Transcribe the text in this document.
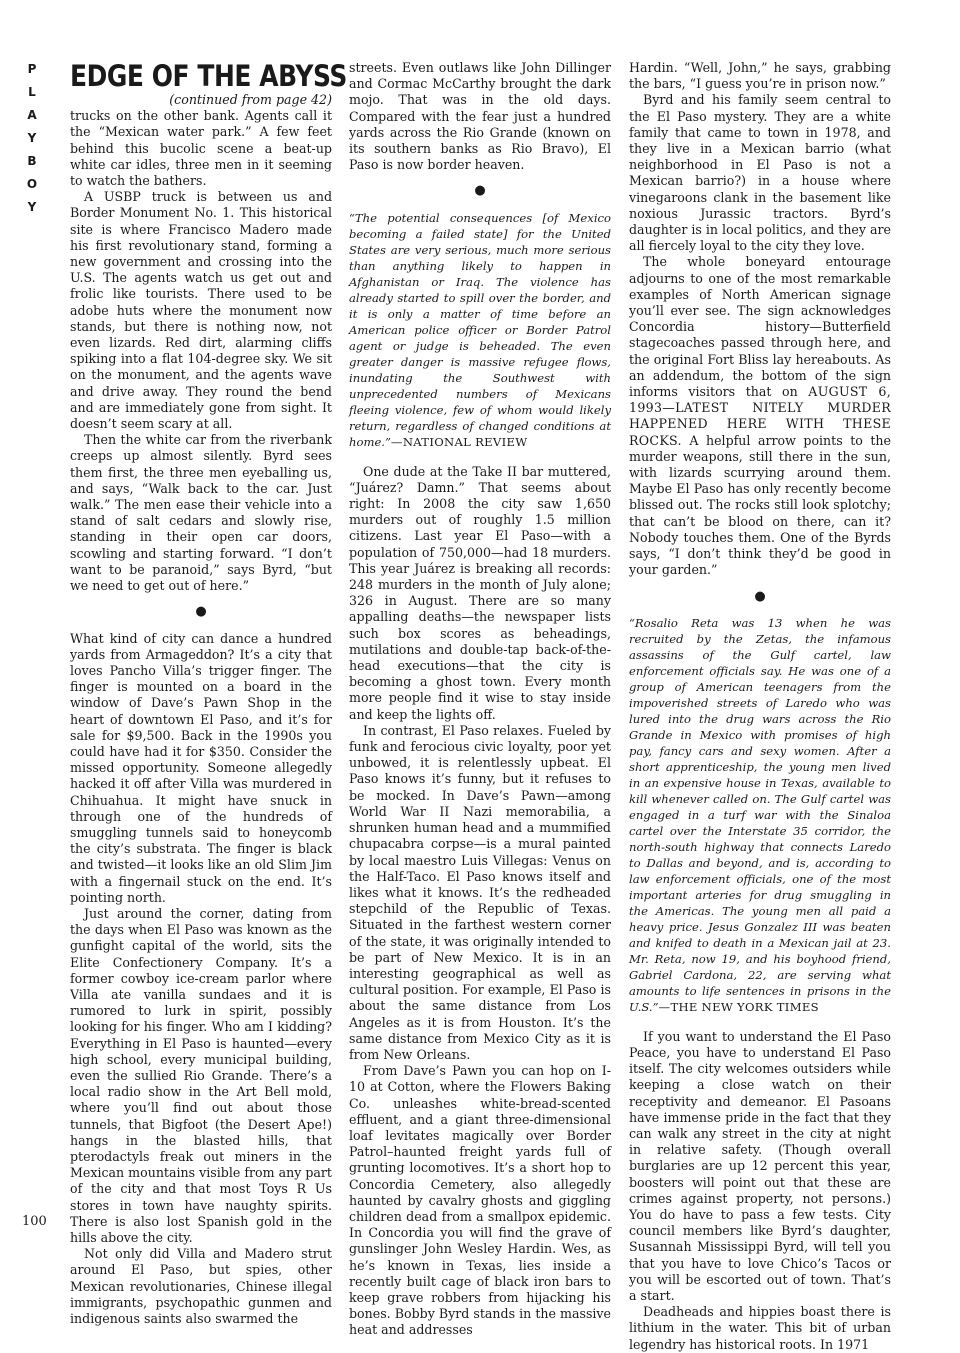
P
L
A
Y
B
O
Y
100
EDGE OF THE ABYSS

(continued from page 42)

trucks on the other bank. Agents call it the “Mexican water park.” A few feet behind this bucolic scene a beat-up white car idles, three men in it seeming to watch the bathers.

A USBP truck is between us and Border Monument No. 1. This historical site is where Francisco Madero made his first revolutionary stand, forming a new government and crossing into the U.S. The agents watch us get out and frolic like tourists. There used to be adobe huts where the monument now stands, but there is nothing now, not even lizards. Red dirt, alarming cliffs spiking into a flat 104-degree sky. We sit on the monument, and the agents wave and drive away. They round the bend and are immediately gone from sight. It doesn’t seem scary at all.

Then the white car from the riverbank creeps up almost silently. Byrd sees them first, the three men eyeballing us, and says, “Walk back to the car. Just walk.” The men ease their vehicle into a stand of salt cedars and slowly rise, standing in their open car doors, scowling and starting forward. “I don’t want to be paranoid,” says Byrd, “but we need to get out of here.”

●

What kind of city can dance a hundred yards from Armageddon? It’s a city that loves Pancho Villa’s trigger finger. The finger is mounted on a board in the window of Dave’s Pawn Shop in the heart of downtown El Paso, and it’s for sale for $9,500. Back in the 1990s you could have had it for $350. Consider the missed opportunity. Someone allegedly hacked it off after Villa was murdered in Chihuahua. It might have snuck in through one of the hundreds of smuggling tunnels said to honeycomb the city’s substrata. The finger is black and twisted—it looks like an old Slim Jim with a fingernail stuck on the end. It’s pointing north.

Just around the corner, dating from the days when El Paso was known as the gunfight capital of the world, sits the Elite Confectionery Company. It’s a former cowboy ice-cream parlor where Villa ate vanilla sundaes and it is rumored to lurk in spirit, possibly looking for his finger. Who am I kidding? Everything in El Paso is haunted—every high school, every municipal building, even the sullied Rio Grande. There’s a local radio show in the Art Bell mold, where you’ll find out about those tunnels, that Bigfoot (the Desert Ape!) hangs in the blasted hills, that pterodactyls freak out miners in the Mexican mountains visible from any part of the city and that most Toys R Us stores in town have naughty spirits. There is also lost Spanish gold in the hills above the city.

Not only did Villa and Madero strut around El Paso, but spies, other Mexican revolutionaries, Chinese illegal immigrants, psychopathic gunmen and indigenous saints also swarmed the

streets. Even outlaws like John Dillinger and Cormac McCarthy brought the dark mojo. That was in the old days. Compared with the fear just a hundred yards across the Rio Grande (known on its southern banks as Rio Bravo), El Paso is now border heaven.

●

“The potential consequences [of Mexico becoming a failed state] for the United States are very serious, much more serious than anything likely to happen in Afghanistan or Iraq. The violence has already started to spill over the border, and it is only a matter of time before an American police officer or Border Patrol agent or judge is beheaded. The even greater danger is massive refugee flows, inundating the Southwest with unprecedented numbers of Mexicans fleeing violence, few of whom would likely return, regardless of changed conditions at home.”—NATIONAL REVIEW

One dude at the Take II bar muttered, “Juárez? Damn.” That seems about right: In 2008 the city saw 1,650 murders out of roughly 1.5 million citizens. Last year El Paso—with a population of 750,000—had 18 murders. This year Juárez is breaking all records: 248 murders in the month of July alone; 326 in August. There are so many appalling deaths—the newspaper lists such box scores as beheadings, mutilations and double-tap back-of-the-head executions—that the city is becoming a ghost town. Every month more people find it wise to stay inside and keep the lights off.

In contrast, El Paso relaxes. Fueled by funk and ferocious civic loyalty, poor yet unbowed, it is relentlessly upbeat. El Paso knows it’s funny, but it refuses to be mocked. In Dave’s Pawn—among World War II Nazi memorabilia, a shrunken human head and a mummified chupacabra corpse—is a mural painted by local maestro Luis Villegas: Venus on the Half-Taco. El Paso knows itself and likes what it knows. It’s the redheaded stepchild of the Republic of Texas. Situated in the farthest western corner of the state, it was originally intended to be part of New Mexico. It is in an interesting geographical as well as cultural position. For example, El Paso is about the same distance from Los Angeles as it is from Houston. It’s the same distance from Mexico City as it is from New Orleans.

From Dave’s Pawn you can hop on I-10 at Cotton, where the Flowers Baking Co. unleashes white-bread-scented effluent, and a giant three-dimensional loaf levitates magically over Border Patrol–haunted freight yards full of grunting locomotives. It’s a short hop to Concordia Cemetery, also allegedly haunted by cavalry ghosts and giggling children dead from a smallpox epidemic. In Concordia you will find the grave of gunslinger John Wesley Hardin. Wes, as he’s known in Texas, lies inside a recently built cage of black iron bars to keep grave robbers from hijacking his bones. Bobby Byrd stands in the massive heat and addresses

Hardin. “Well, John,” he says, grabbing the bars, “I guess you’re in prison now.”

Byrd and his family seem central to the El Paso mystery. They are a white family that came to town in 1978, and they live in a Mexican barrio (what neighborhood in El Paso is not a Mexican barrio?) in a house where vinegaroons clank in the basement like noxious Jurassic tractors. Byrd’s daughter is in local politics, and they are all fiercely loyal to the city they love.

The whole boneyard entourage adjourns to one of the most remarkable examples of North American signage you’ll ever see. The sign acknowledges Concordia history—Butterfield stagecoaches passed through here, and the original Fort Bliss lay hereabouts. As an addendum, the bottom of the sign informs visitors that on AUGUST 6, 1993—LATEST NITELY MURDER HAPPENED HERE WITH THESE ROCKS. A helpful arrow points to the murder weapons, still there in the sun, with lizards scurrying around them. Maybe El Paso has only recently become blissed out. The rocks still look splotchy; that can’t be blood on there, can it? Nobody touches them. One of the Byrds says, “I don’t think they’d be good in your garden.”

●

“Rosalio Reta was 13 when he was recruited by the Zetas, the infamous assassins of the Gulf cartel, law enforcement officials say. He was one of a group of American teenagers from the impoverished streets of Laredo who was lured into the drug wars across the Rio Grande in Mexico with promises of high pay, fancy cars and sexy women. After a short apprenticeship, the young men lived in an expensive house in Texas, available to kill whenever called on. The Gulf cartel was engaged in a turf war with the Sinaloa cartel over the Interstate 35 corridor, the north-south highway that connects Laredo to Dallas and beyond, and is, according to law enforcement officials, one of the most important arteries for drug smuggling in the Americas. The young men all paid a heavy price. Jesus Gonzalez III was beaten and knifed to death in a Mexican jail at 23. Mr. Reta, now 19, and his boyhood friend, Gabriel Cardona, 22, are serving what amounts to life sentences in prisons in the U.S.”—THE NEW YORK TIMES

If you want to understand the El Paso Peace, you have to understand El Paso itself. The city welcomes outsiders while keeping a close watch on their receptivity and demeanor. El Pasoans have immense pride in the fact that they can walk any street in the city at night in relative safety. (Though overall burglaries are up 12 percent this year, boosters will point out that these are crimes against property, not persons.) You do have to pass a few tests. City council members like Byrd’s daughter, Susannah Mississippi Byrd, will tell you that you have to love Chico’s Tacos or you will be escorted out of town. That’s a start.

Deadheads and hippies boast there is lithium in the water. This bit of urban legendry has historical roots. In 1971
